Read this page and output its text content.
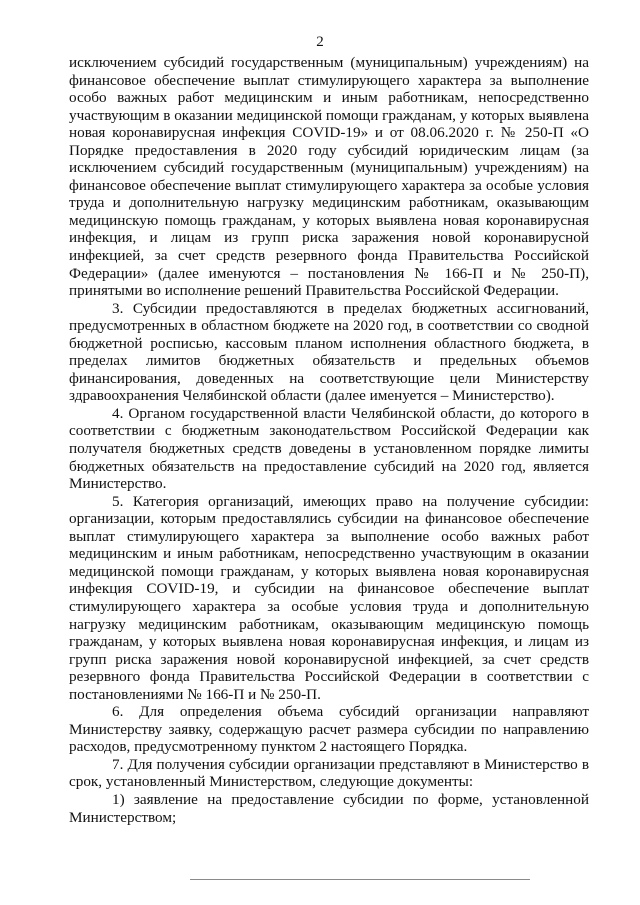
2

исключением субсидий государственным (муниципальным) учреждениям) на финансовое обеспечение выплат стимулирующего характера за выполнение особо важных работ медицинским и иным работникам, непосредственно участвующим в оказании медицинской помощи гражданам, у которых выявлена новая коронавирусная инфекция COVID-19» и от 08.06.2020 г. № 250-П «О Порядке предоставления в 2020 году субсидий юридическим лицам (за исключением субсидий государственным (муниципальным) учреждениям) на финансовое обеспечение выплат стимулирующего характера за особые условия труда и дополнительную нагрузку медицинским работникам, оказывающим медицинскую помощь гражданам, у которых выявлена новая коронавирусная инфекция, и лицам из групп риска заражения новой коронавирусной инфекцией, за счет средств резервного фонда Правительства Российской Федерации» (далее именуются – постановления № 166-П и № 250-П), принятыми во исполнение решений Правительства Российской Федерации.

3. Субсидии предоставляются в пределах бюджетных ассигнований, предусмотренных в областном бюджете на 2020 год, в соответствии со сводной бюджетной росписью, кассовым планом исполнения областного бюджета, в пределах лимитов бюджетных обязательств и предельных объемов финансирования, доведенных на соответствующие цели Министерству здравоохранения Челябинской области (далее именуется – Министерство).

4. Органом государственной власти Челябинской области, до которого в соответствии с бюджетным законодательством Российской Федерации как получателя бюджетных средств доведены в установленном порядке лимиты бюджетных обязательств на предоставление субсидий на 2020 год, является Министерство.

5. Категория организаций, имеющих право на получение субсидии: организации, которым предоставлялись субсидии на финансовое обеспечение выплат стимулирующего характера за выполнение особо важных работ медицинским и иным работникам, непосредственно участвующим в оказании медицинской помощи гражданам, у которых выявлена новая коронавирусная инфекция COVID-19, и субсидии на финансовое обеспечение выплат стимулирующего характера за особые условия труда и дополнительную нагрузку медицинским работникам, оказывающим медицинскую помощь гражданам, у которых выявлена новая коронавирусная инфекция, и лицам из групп риска заражения новой коронавирусной инфекцией, за счет средств резервного фонда Правительства Российской Федерации в соответствии с постановлениями № 166-П и № 250-П.

6. Для определения объема субсидий организации направляют Министерству заявку, содержащую расчет размера субсидии по направлению расходов, предусмотренному пунктом 2 настоящего Порядка.

7. Для получения субсидии организации представляют в Министерство в срок, установленный Министерством, следующие документы:

1) заявление на предоставление субсидии по форме, установленной Министерством;
